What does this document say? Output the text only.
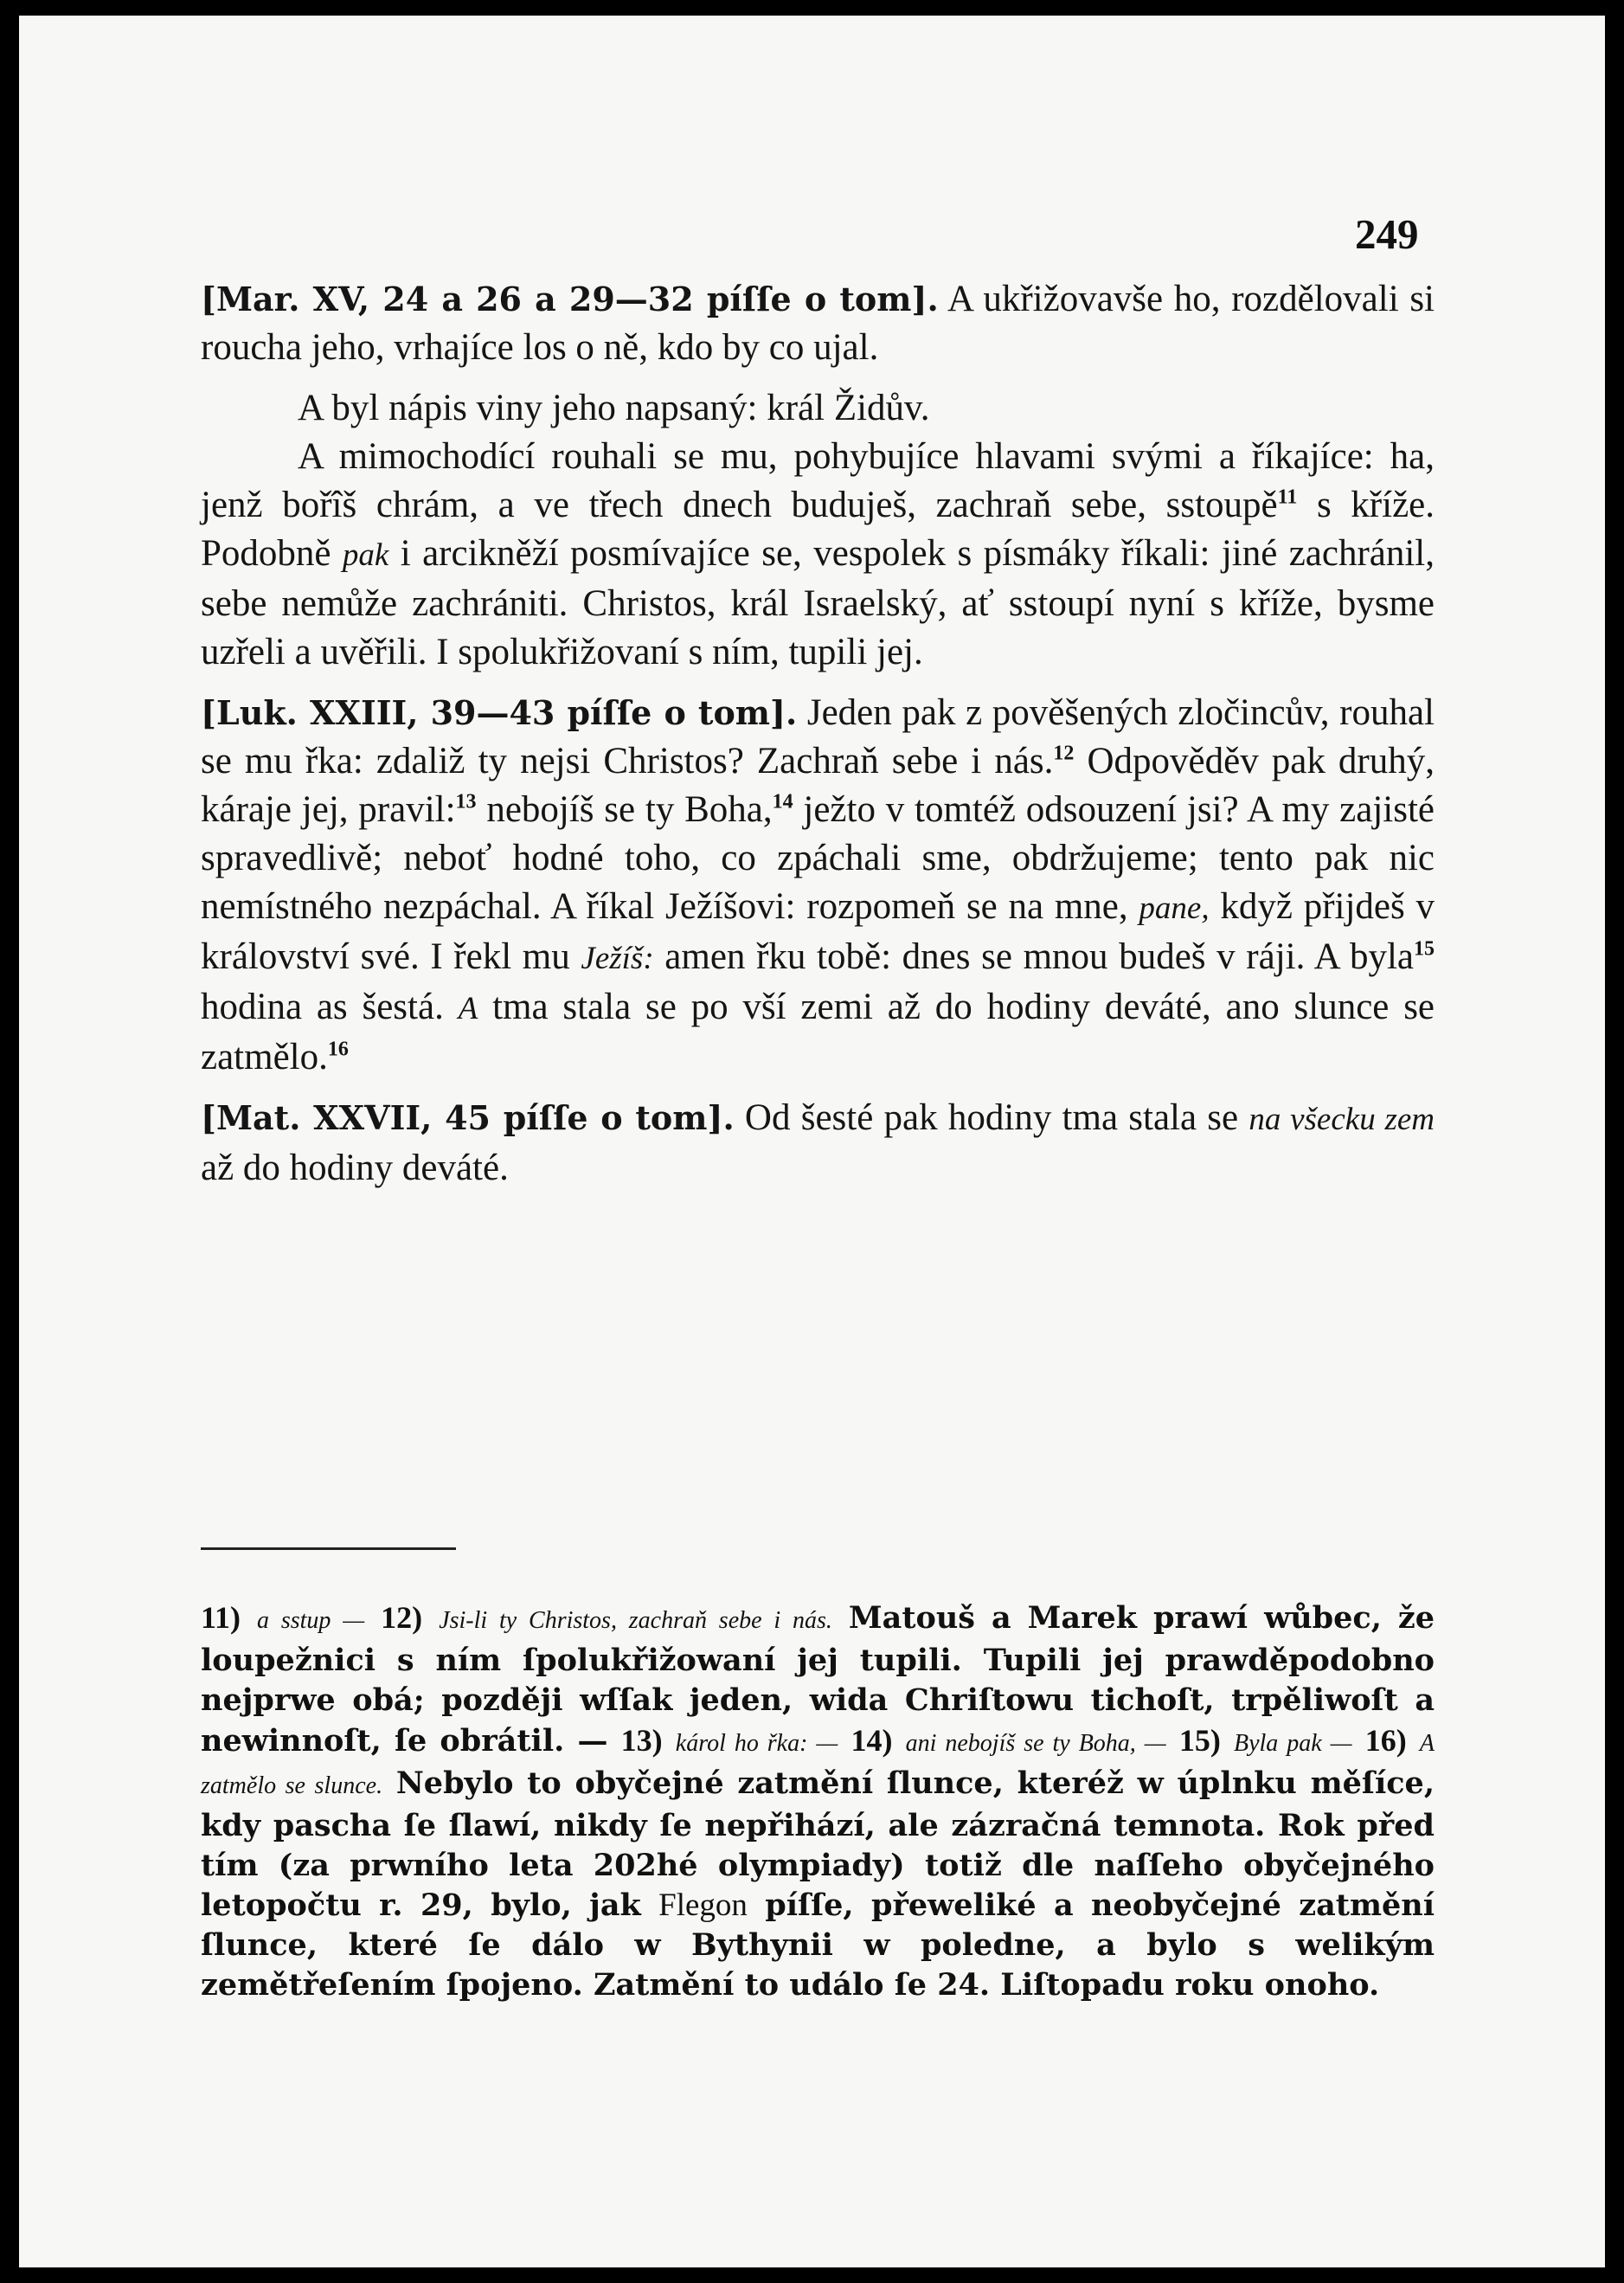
249

[Mar. XV, 24 a 26 a 29—32 píſſe o tom]. A ukřižovavše ho, rozdělovali si roucha jeho, vrhajíce los o ně, kdo by co ujal.

A byl nápis viny jeho napsaný: král Židův.

A mimochodící rouhali se mu, pohybujíce hlavami svými a říkajíce: ha, jenž bořîš chrám, a ve třech dnech buduješ, zachraň sebe, sstoupě$^{11}$ s kříže. Podobně pak i arcikněží posmívajíce se, vespolek s písmáky říkali: jiné zachránil, sebe nemůže zachrániti. Christos, král Israelský, ať sstoupí nyní s kříže, bysme uzřeli a uvěřili. I spolukřižovaní s ním, tupili jej.

[Luk. XXIII, 39—43 píſſe o tom]. Jeden pak z pověšených zločincův, rouhal se mu řka: zdaliž ty nejsi Christos? Zachraň sebe i nás.$^{12}$ Odpověděv pak druhý, káraje jej, pravil:$^{13}$ nebojíš se ty Boha,$^{14}$ ježto v tomtéž odsouzení jsi? A my zajisté spravedlivě; neboť hodné toho, co zpáchali sme, obdržujeme; tento pak nic nemístného nezpáchal. A říkal Ježíšovi: rozpomeň se na mne, pane, když přijdeš v království své. I řekl mu Ježíš: amen řku tobě: dnes se mnou budeš v ráji. A byla$^{15}$ hodina as šestá. A tma stala se po vší zemi až do hodiny deváté, ano slunce se zatmělo.$^{16}$

[Mat. XXVII, 45 píſſe o tom]. Od šesté pak hodiny tma stala se na všecku zem až do hodiny deváté.

11) a sstup — 12) Jsi-li ty Christos, zachraň sebe i nás. Matouš a Marek prawí wůbec, že loupežnici s ním ſpolukřižowaní jej tupili. Tupili jej prawděpodobno nejprwe obá; později wſſak jeden, wida Chriſtowu tichoſt, trpěliwoſt a newinnoſt, ſe obrátil. — 13) károl ho řka: — 14) ani nebojíš se ty Boha, — 15) Byla pak — 16) A zatmělo se slunce. Nebylo to obyčejné zatmění ſlunce, kteréž w úplnku měſíce, kdy pascha ſe ſlawí, nikdy ſe nepřihází, ale zázračná temnota. Rok před tím (za prwního leta 202hé olympiady) totiž dle naſſeho obyčejného letopočtu r. 29, bylo, jak Flegon píſſe, přeweliké a neobyčejné zatmění ſlunce, které ſe dálo w Bythynii w poledne, a bylo s welikým zemětřeſením ſpojeno. Zatmění to událo ſe 24. Liſtopadu roku onoho.
